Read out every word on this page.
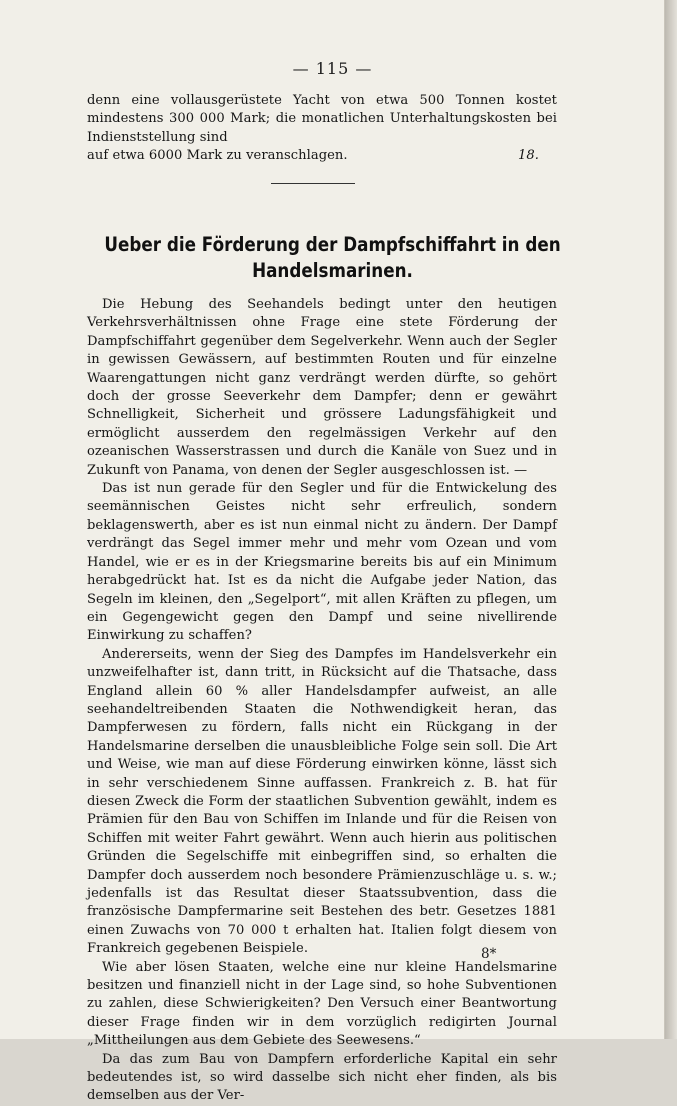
— 115 —

denn eine vollausgerüstete Yacht von etwa 500 Tonnen kostet mindestens 300 000 Mark; die monatlichen Unterhaltungskosten bei Indienststellung sind

auf etwa 6000 Mark zu veranschlagen.	18.
Ueber die Förderung der Dampfschiffahrt in den Handelsmarinen.

Die Hebung des Seehandels bedingt unter den heutigen Verkehrsverhältnissen ohne Frage eine stete Förderung der Dampfschiffahrt gegenüber dem Segelverkehr. Wenn auch der Segler in gewissen Gewässern, auf bestimmten Routen und für einzelne Waarengattungen nicht ganz verdrängt werden dürfte, so gehört doch der grosse Seeverkehr dem Dampfer; denn er gewährt Schnelligkeit, Sicherheit und grössere Ladungsfähigkeit und ermöglicht ausserdem den regelmässigen Verkehr auf den ozeanischen Wasserstrassen und durch die Kanäle von Suez und in Zukunft von Panama, von denen der Segler ausgeschlossen ist. —

Das ist nun gerade für den Segler und für die Entwickelung des seemännischen Geistes nicht sehr erfreulich, sondern beklagenswerth, aber es ist nun einmal nicht zu ändern. Der Dampf verdrängt das Segel immer mehr und mehr vom Ozean und vom Handel, wie er es in der Kriegsmarine bereits bis auf ein Minimum herabgedrückt hat. Ist es da nicht die Aufgabe jeder Nation, das Segeln im kleinen, den „Segelport“, mit allen Kräften zu pflegen, um ein Gegengewicht gegen den Dampf und seine nivellirende Einwirkung zu schaffen?

Andererseits, wenn der Sieg des Dampfes im Handelsverkehr ein unzweifelhafter ist, dann tritt, in Rücksicht auf die Thatsache, dass England allein 60 % aller Handelsdampfer aufweist, an alle seehandeltreibenden Staaten die Nothwendigkeit heran, das Dampferwesen zu fördern, falls nicht ein Rückgang in der Handelsmarine derselben die unausbleibliche Folge sein soll. Die Art und Weise, wie man auf diese Förderung einwirken könne, lässt sich in sehr verschiedenem Sinne auffassen. Frankreich z. B. hat für diesen Zweck die Form der staatlichen Subvention gewählt, indem es Prämien für den Bau von Schiffen im Inlande und für die Reisen von Schiffen mit weiter Fahrt gewährt. Wenn auch hierin aus politischen Gründen die Segelschiffe mit einbegriffen sind, so erhalten die Dampfer doch ausserdem noch besondere Prämienzuschläge u. s. w.; jedenfalls ist das Resultat dieser Staatssubvention, dass die französische Dampfermarine seit Bestehen des betr. Gesetzes 1881 einen Zuwachs von 70 000 t erhalten hat. Italien folgt diesem von Frankreich gegebenen Beispiele.

Wie aber lösen Staaten, welche eine nur kleine Handelsmarine besitzen und finanziell nicht in der Lage sind, so hohe Subventionen zu zahlen, diese Schwierigkeiten? Den Versuch einer Beantwortung dieser Frage finden wir in dem vorzüglich redigirten Journal „Mittheilungen aus dem Gebiete des Seewesens.“

Da das zum Bau von Dampfern erforderliche Kapital ein sehr bedeutendes ist, so wird dasselbe sich nicht eher finden, als bis demselben aus der Ver-

8*
